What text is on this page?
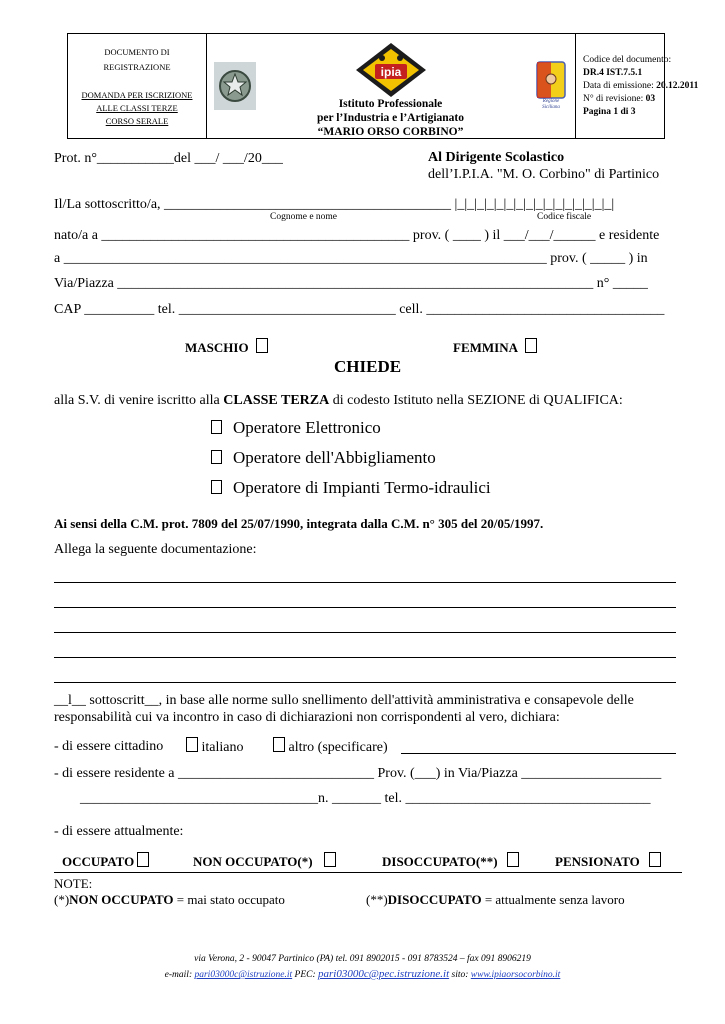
DOCUMENTO DI
REGISTRAZIONE
DOMANDA PER ISCRIZIONE
ALLE CLASSI TERZE
CORSO SERALE
ipia
Istituto Professionale
per l’Industria e l’Artigianato
“MARIO ORSO CORBINO”
Regione
Siciliana
Codice del documento:
DR.4 IST.7.5.1
Data di emissione: 20.12.2011
N° di revisione: 03
Pagina 1 di 3
Prot. n°___________del ___/ ___/20___	Al Dirigente Scolastico
dell’I.P.I.A. "M. O. Corbino" di Partinico
Il/La sottoscritto/a, _________________________________________ |_|_|_|_|_|_|_|_|_|_|_|_|_|_|_|_|
Cognome e nome	Codice fiscale
nato/a a ____________________________________________ prov. ( ____ ) il ___/___/______ e residente
a _____________________________________________________________________ prov. ( _____ ) in
Via/Piazza ____________________________________________________________________ n° _____
CAP __________ tel. _______________________________ cell. __________________________________
MASCHIO	FEMMINA
CHIEDE
alla S.V. di venire iscritto alla CLASSE TERZA di codesto Istituto nella SEZIONE di QUALIFICA:
Operatore Elettronico
Operatore dell'Abbigliamento
Operatore di Impianti Termo-idraulici
Ai sensi della C.M. prot. 7809 del 25/07/1990, integrata dalla C.M. n° 305 del 20/05/1997.
Allega la seguente documentazione:
__l__ sottoscritt__, in base alle norme sullo snellimento dell'attività amministrativa e consapevole delle
responsabilità cui va incontro in caso di dichiarazioni non corrispondenti al vero, dichiara:
- di essere cittadino	italiano	altro (specificare)
- di essere residente a ____________________________ Prov. (___) in Via/Piazza ____________________
__________________________________n. _______ tel. ___________________________________
- di essere attualmente:
OCCUPATO	NON OCCUPATO(*)	DISOCCUPATO(**)	PENSIONATO
NOTE:
(*)NON OCCUPATO = mai stato occupato	(**)DISOCCUPATO = attualmente senza lavoro
via Verona, 2 - 90047 Partinico (PA) tel. 091 8902015 - 091 8783524 – fax 091 8906219
e-mail: pari03000c@istruzione.it PEC: pari03000c@pec.istruzione.it sito: www.ipiaorsocorbino.it
